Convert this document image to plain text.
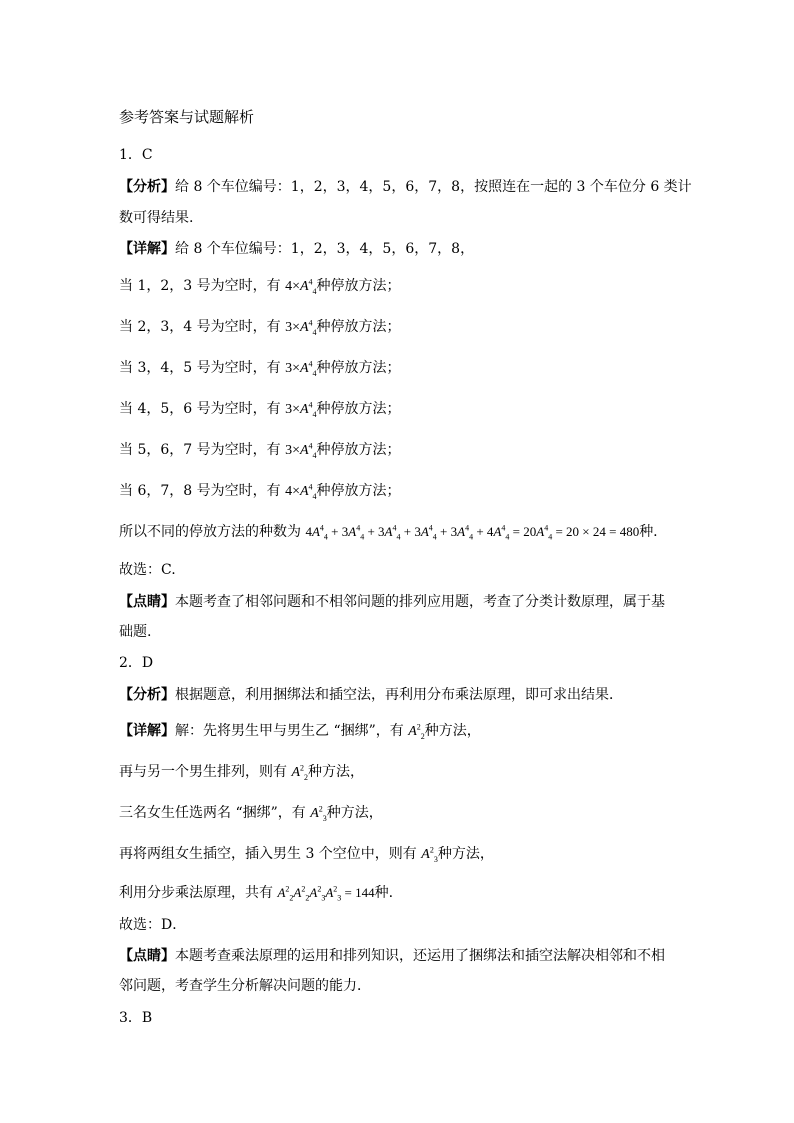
参考答案与试题解析
1．C
【分析】给 8 个车位编号：1，2，3，4，5，6，7，8，按照连在一起的 3 个车位分 6 类计
数可得结果.
【详解】给 8 个车位编号：1，2，3，4，5，6，7，8，
当 1，2，3 号为空时，有 $4\times A^4_4$种停放方法；
当 2，3，4 号为空时，有 $3\times A^4_4$种停放方法；
当 3，4，5 号为空时，有 $3\times A^4_4$种停放方法；
当 4，5，6 号为空时，有 $3\times A^4_4$种停放方法；
当 5，6，7 号为空时，有 $3\times A^4_4$种停放方法；
当 6，7，8 号为空时，有 $4\times A^4_4$种停放方法；
所以不同的停放方法的种数为 $4A^4_4 + 3A^4_4 + 3A^4_4 + 3A^4_4 + 3A^4_4 + 4A^4_4 = 20A^4_4 = 20 \times 24 = 480$种.
故选：C.
【点睛】本题考查了相邻问题和不相邻问题的排列应用题，考查了分类计数原理，属于基
础题.
2．D
【分析】根据题意，利用捆绑法和插空法，再利用分布乘法原理，即可求出结果．
【详解】解：先将男生甲与男生乙 “捆绑”，有 $A^2_2$种方法，
再与另一个男生排列，则有 $A^2_2$种方法，
三名女生任选两名 “捆绑”，有 $A^2_3$种方法，
再将两组女生插空，插入男生 3 个空位中，则有 $A^2_3$种方法，
利用分步乘法原理，共有 $A^2_2A^2_2A^2_3A^2_3 = 144$种.
故选：D．
【点睛】本题考查乘法原理的运用和排列知识，还运用了捆绑法和插空法解决相邻和不相
邻问题，考查学生分析解决问题的能力．
3．B
